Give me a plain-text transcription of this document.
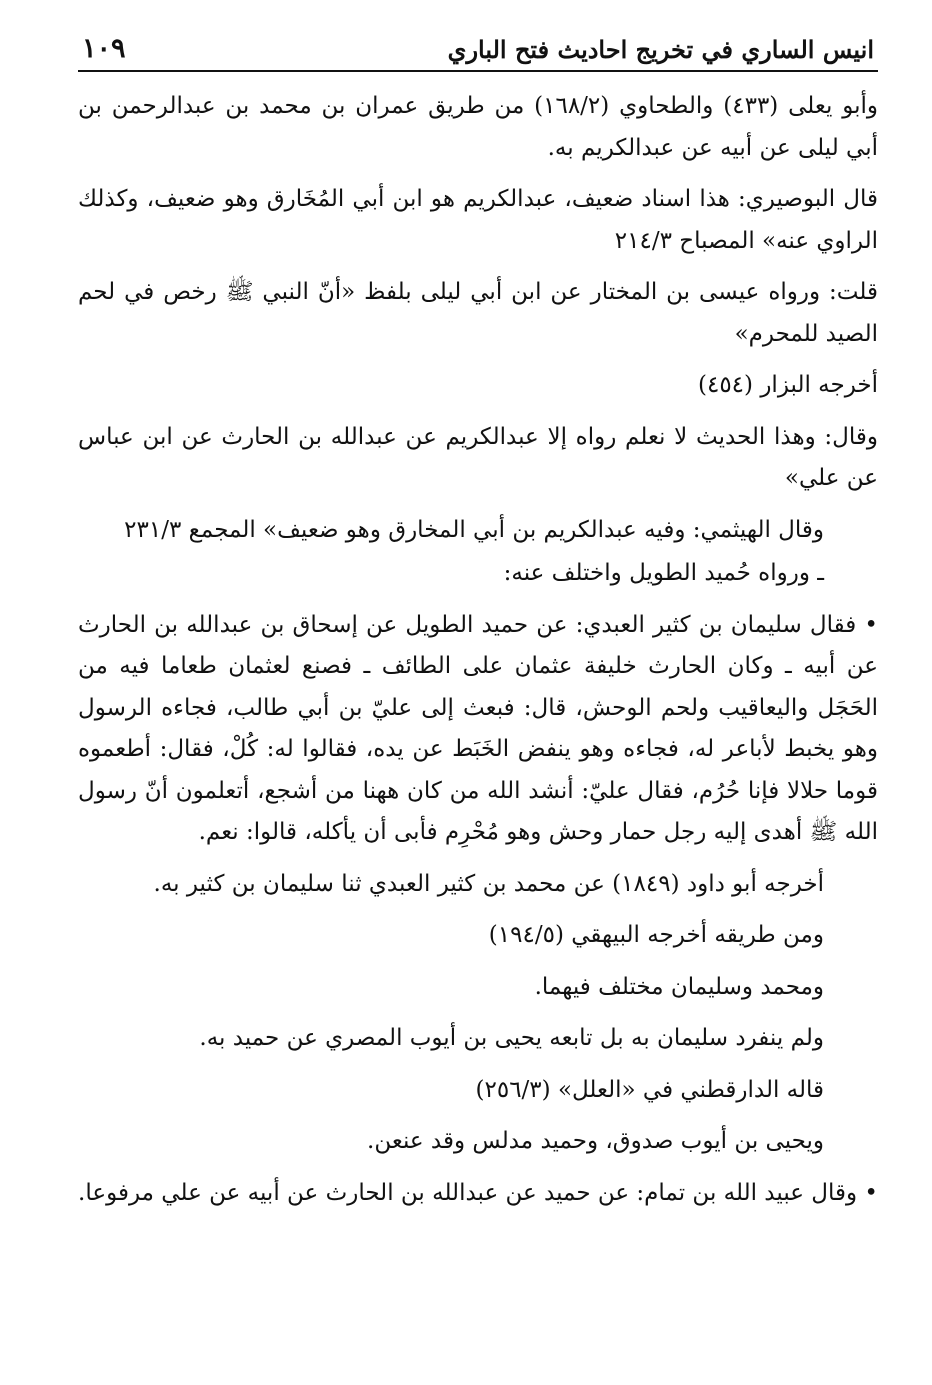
انيس الساري في تخريج احاديث فتح الباري
١٠٩

وأبو يعلى (٤٣٣) والطحاوي (١٦٨/٢) من طريق عمران بن محمد بن عبدالرحمن بن أبي ليلى عن أبيه عن عبدالكريم به.

قال البوصيري: هذا اسناد ضعيف، عبدالكريم هو ابن أبي المُخَارق وهو ضعيف، وكذلك الراوي عنه» المصباح ٢١٤/٣

قلت: ورواه عيسى بن المختار عن ابن أبي ليلى بلفظ «أنّ النبي ﷺ رخص في لحم الصيد للمحرم»

أخرجه البزار (٤٥٤)

وقال: وهذا الحديث لا نعلم رواه إلا عبدالكريم عن عبدالله بن الحارث عن ابن عباس عن علي»

وقال الهيثمي: وفيه عبدالكريم بن أبي المخارق وهو ضعيف» المجمع ٢٣١/٣

ـ ورواه حُميد الطويل واختلف عنه:

• فقال سليمان بن كثير العبدي: عن حميد الطويل عن إسحاق بن عبدالله بن الحارث عن أبيه ـ وكان الحارث خليفة عثمان على الطائف ـ فصنع لعثمان طعاما فيه من الحَجَل واليعاقيب ولحم الوحش، قال: فبعث إلى عليّ بن أبي طالب، فجاءه الرسول وهو يخبط لأباعر له، فجاءه وهو ينفض الخَبَط عن يده، فقالوا له: كُلْ، فقال: أطعموه قوما حلالا فإنا حُرُم، فقال عليّ: أنشد الله من كان ههنا من أشجع، أتعلمون أنّ رسول الله ﷺ أهدى إليه رجل حمار وحش وهو مُحْرِم فأبى أن يأكله، قالوا: نعم.

أخرجه أبو داود (١٨٤٩) عن محمد بن كثير العبدي ثنا سليمان بن كثير به.

ومن طريقه أخرجه البيهقي (١٩٤/٥)

ومحمد وسليمان مختلف فيهما.

ولم ينفرد سليمان به بل تابعه يحيى بن أيوب المصري عن حميد به.

قاله الدارقطني في «العلل» (٢٥٦/٣)

ويحيى بن أيوب صدوق، وحميد مدلس وقد عنعن.

• وقال عبيد الله بن تمام: عن حميد عن عبدالله بن الحارث عن أبيه عن علي مرفوعا.
